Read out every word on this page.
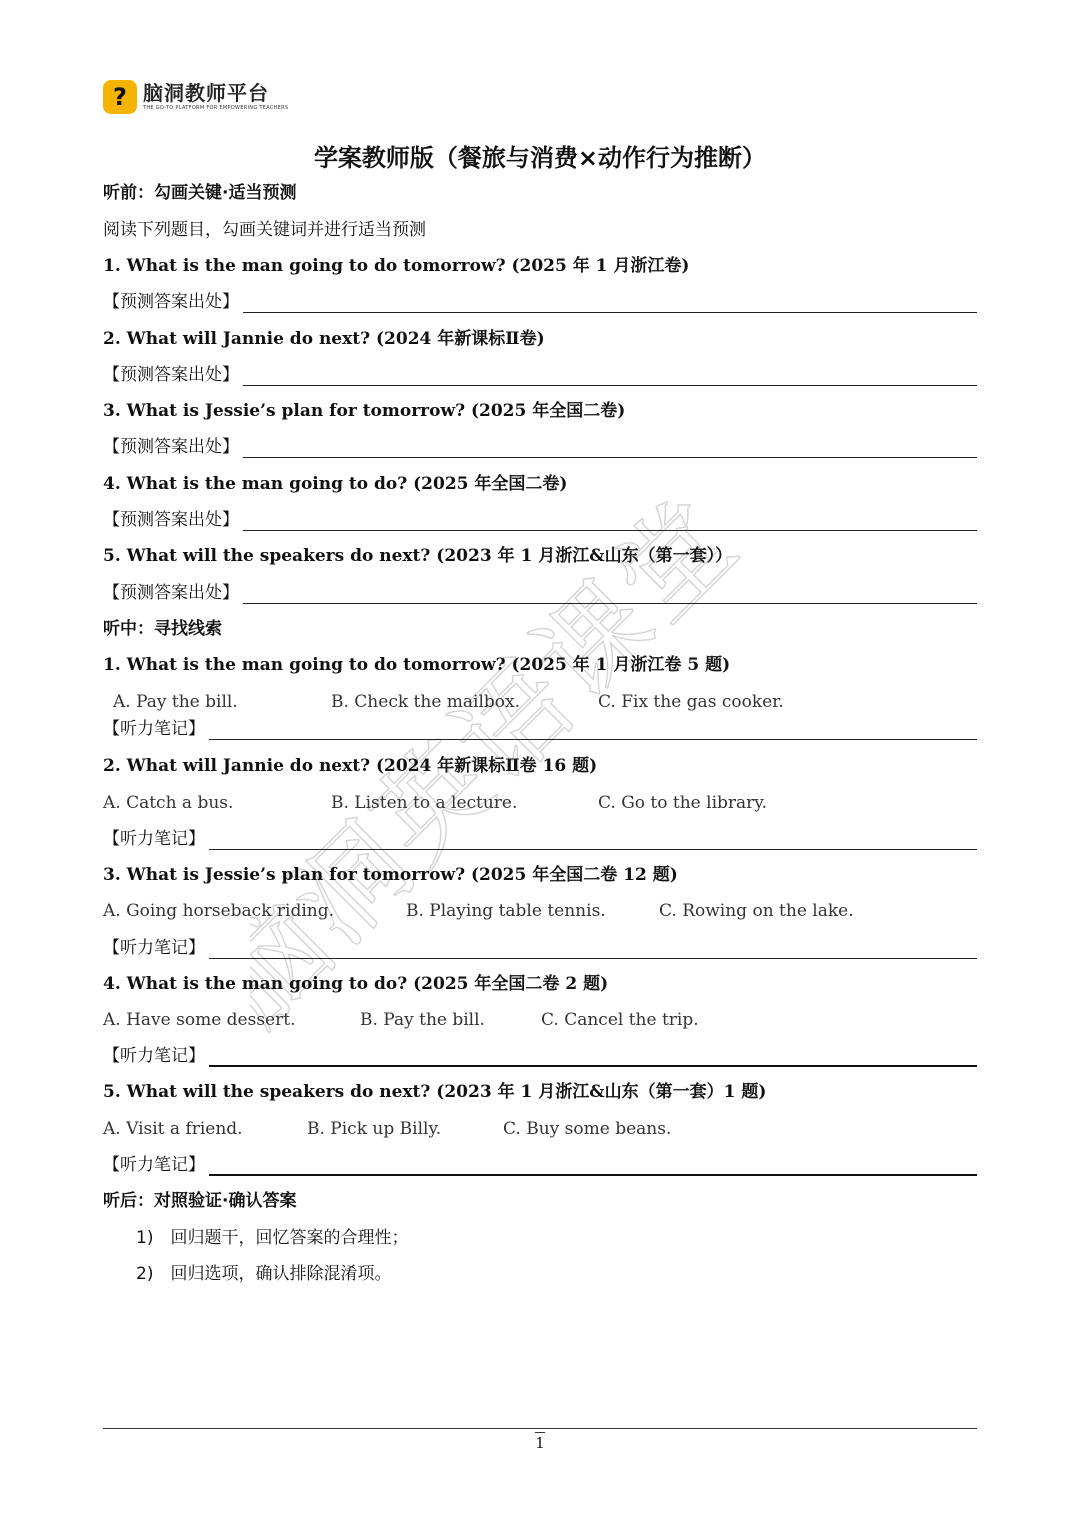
? 脑洞教师平台
THE GO-TO PLATFORM FOR EMPOWERING TEACHERS
学案教师版（餐旅与消费×动作行为推断）
脑洞英语课堂
听前：勾画关键·适当预测
阅读下列题目，勾画关键词并进行适当预测
1. What is the man going to do tomorrow? (2025 年 1 月浙江卷)
【预测答案出处】
2. What will Jannie do next? (2024 年新课标Ⅱ卷)
【预测答案出处】
3. What is Jessie’s plan for tomorrow? (2025 年全国二卷)
【预测答案出处】
4. What is the man going to do? (2025 年全国二卷)
【预测答案出处】
5. What will the speakers do next? (2023 年 1 月浙江&山东（第一套））
【预测答案出处】
听中：寻找线索
1. What is the man going to do tomorrow? (2025 年 1 月浙江卷 5 题)
A. Pay the bill.	B. Check the mailbox.	C. Fix the gas cooker.
【听力笔记】
2. What will Jannie do next? (2024 年新课标Ⅱ卷 16 题)
A. Catch a bus.	B. Listen to a lecture.	C. Go to the library.
【听力笔记】
3. What is Jessie’s plan for tomorrow? (2025 年全国二卷 12 题)
A. Going horseback riding.	B. Playing table tennis.	C. Rowing on the lake.
【听力笔记】
4. What is the man going to do? (2025 年全国二卷 2 题)
A. Have some dessert.	B. Pay the bill.	C. Cancel the trip.
【听力笔记】
5. What will the speakers do next? (2023 年 1 月浙江&山东（第一套）1 题)
A. Visit a friend.	B. Pick up Billy.	C. Buy some beans.
【听力笔记】
听后：对照验证·确认答案
1)　回归题干，回忆答案的合理性；
2)　回归选项，确认排除混淆项。
1
